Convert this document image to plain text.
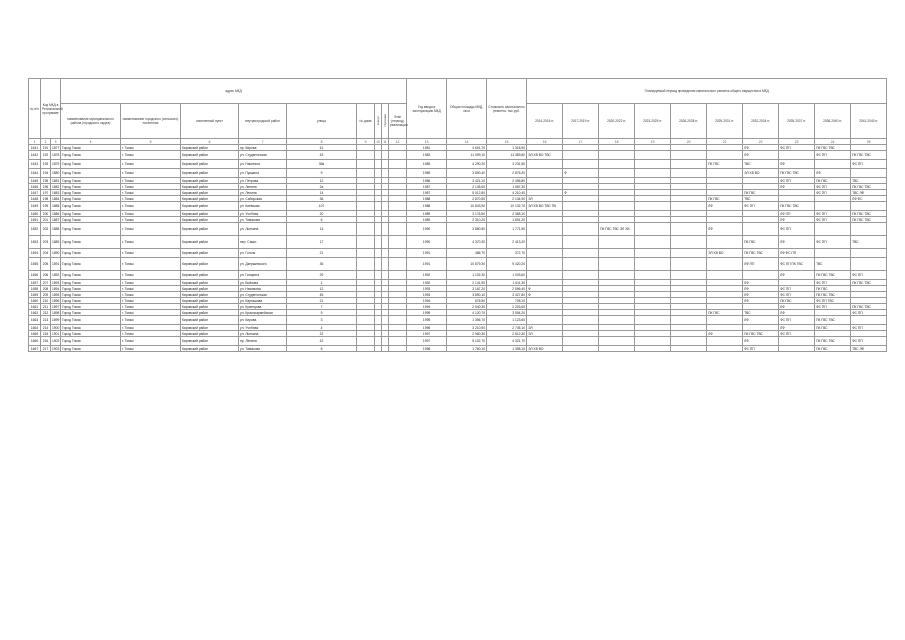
№ п/п	Код МКД в Региональной программе		адрес МКД									Год ввода в эксплуатацию МКД	Общая площадь МКД, кв.м	Стоимость капитального ремонта, тыс.руб.	Планируемый период проведения капитального ремонта общего имущества в МКД									
			наименование муниципального района (городского округа)	наименование городского (сельского) поселения	населенный пункт	внутригородской район	улица	№ дома	корпус	строение	Этап (период) реализации				2014-2016 гг.	2017-2019 гг.	2020-2022 гг.	2023-2025 гг.	2026-2028 гг.	2029-2031 гг.	2032-2034 гг.	2035-2037 гг.	2038-2040 гг.	2041-2043 гг.
1	2	3	4	5	6	7	8	9	10	11	12	13	14	15	16	17	18	19	20	21	22	23	24	25
1641	191	1877	Город Томск	г. Томск	Кировский район	пр. Кирова	41					1981	4 601,70	1 318,90							ЛФ	ФС ПП	ПК ГВС ТВС	
1642	192	1878	Город Томск	г. Томск	Кировский район	ул. Студенческая	43					1983	11 099,10	11 389,80	ЭЛ ХВ ВО ТВС						ЛФ		ФС ПП	ПК ГВС ТВС
1643	193	1879	Город Томск	г. Томск	Кировский район	ул. Никитина	36а					1985	4 290,20	3 231,50						ПК ГВС	ТВС	ЛФ		ФС ПП
1644	194	1880	Город Томск	г. Томск	Кировский район	ул. Пушкина	9					1985	3 890,40	2 876,20		Ф					ЭЛ ХВ ВО	ПК ГВС ТВС	ЛФ	
1645	195	1881	Город Томск	г. Томск	Кировский район	ул. Петрова	12					1986	3 421,10	2 456,80								ФС ПП	ПК ГВС	ТВС
1646	196	1882	Город Томск	г. Томск	Кировский район	ул. Ленина	2а					1987	2 145,60	1 687,30								ЛФ	ФС ПП	ПК ГВС ТВС
1647	197	1883	Город Томск	г. Томск	Кировский район	ул. Ленина	14					1987	5 012,80	4 210,40		Ф					ПК ГВС		ФС ПП	ТВС ЛФ
1648	198	1884	Город Томск	г. Томск	Кировский район	ул. Сибирская	36					1988	2 870,50	2 134,90	ЭЛ					ПК ГВС	ТВС			ЛФ ФС
1649	199	1885	Город Томск	г. Томск	Кировский район	ул. Киевская	107					1988	10 843,90	10 132,70	ЭЛ ХВ ВО ТВС ПК					ЛФ	ФС ПП	ПК ГВС ТВС		
1650	200	1886	Город Томск	г. Томск	Кировский район	ул. Учебная	20					1989	3 176,50	2 365,10								ЛФ ПП	ФС ПП	ПК ГВС ТВС
1651	201	1887	Город Томск	г. Томск	Кировский район	ул. Тимакова	6					1989	2 310,20	1 891,20								ЛФ	ФС ПП	ПК ГВС ТВС
1652	202	1888	Город Томск	г. Томск	Кировский район	ул. Лыткина	14					1990	3 880,50	1 771,50			ПК ГВС ТВС ЭЛ ХВ			ЛФ		ФС ПП		
1653	203	1889	Город Томск	г. Томск	Кировский район	пер. Сакко	17					1990	4 370,30	2 413,20							ПК ГВС	ЛФ	ФС ПП	ТВС
1654	204	1890	Город Томск	г. Томск	Кировский район	ул. Гоголя	21					1991	486,70	372,70						ЭЛ ХВ ВО	ПК ГВС ТВС	ЛФ ФС ПП		
1655	205	1891	Город Томск	г. Томск	Кировский район	ул. Дзержинского	36					1991	10 879,30	9 420,20							ЛФ ПП	ФС ПП ПК ГВС	ТВС	
1656	206	1892	Город Томск	г. Томск	Кировский район	ул. Гагарина	29					1992	1 102,30	1 003,60								ЛФ	ПК ГВС ТВС	ФС ПП
1657	207	1893	Город Томск	г. Томск	Кировский район	ул. Войкова	1					1992	2 141,90	1 611,30							ЛФ		ФС ПП	ПК ГВС ТВС
1658	208	1894	Город Томск	г. Томск	Кировский район	ул. Нахимова	12					1993	3 167,20	2 596,40	Ф						ЛФ	ФС ПП	ПК ГВС	
1659	209	1895	Город Томск	г. Томск	Кировский район	ул. Студенческая	45					1993	3 890,10	3 427,80	Ф						ЛФ	ФС ПП	ПК ГВС ТВС	
1660	210	1896	Город Томск	г. Томск	Кировский район	ул. Карташова	21					1994	876,50	705,10							ЛФ	ПК ГВС	ФС ПП ТВС	
1661	211	1897	Город Томск	г. Томск	Кировский район	ул. Кузнецова	7					1994	2 540,30	2 203,60								ЛФ	ФС ПП	ПК ГВС ТВС
1662	212	1898	Город Томск	г. Томск	Кировский район	ул. Красноармейская	9					1995	4 120,70	3 554,20						ПК ГВС	ТВС	ЛФ		ФС ПП
1663	213	1899	Город Томск	г. Томск	Кировский район	ул. Кирова	3					1995	1 356,70	1 123,60							ЛФ	ФС ПП	ПК ГВС ТВС	
1664	214	1900	Город Томск	г. Томск	Кировский район	ул. Учебная	4					1996	3 210,90	2 745,10	ЭЛ							ЛФ	ПК ГВС	ФС ПП
1665	215	1901	Город Томск	г. Томск	Кировский район	ул. Лыткина	22					1997	2 980,30	2 512,30	ЭЛ					ЛФ	ПК ГВС ТВС	ФС ПП		
1666	216	1902	Город Томск	г. Томск	Кировский район	пр. Ленина	42					1997	5 102,70	4 321,70							ЛФ		ПК ГВС ТВС	ФС ПП
1667	217	1903	Город Томск	г. Томск	Кировский район	ул. Тимакова	8					1998	1 760,10	1 358,10	ЭЛ ХВ ВО						ФС ПП		ПК ГВС	ТВС ЛФ
